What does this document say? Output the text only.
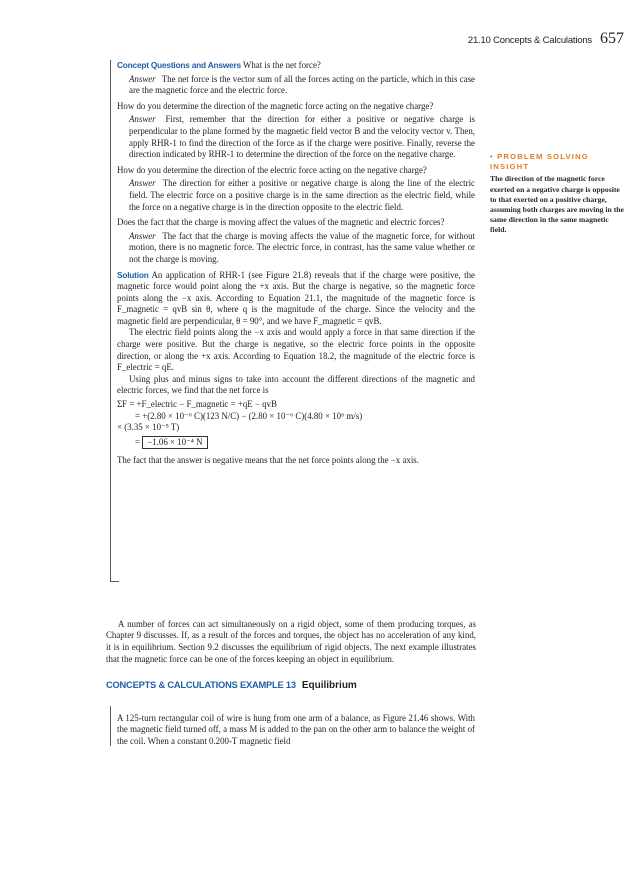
21.10 Concepts & Calculations 657

Concept Questions and Answers What is the net force?

Answer The net force is the vector sum of all the forces acting on the particle, which in this case are the magnetic force and the electric force.

How do you determine the direction of the magnetic force acting on the negative charge?

Answer First, remember that the direction for either a positive or negative charge is perpendicular to the plane formed by the magnetic field vector B and the velocity vector v. Then, apply RHR-1 to find the direction of the force as if the charge were positive. Finally, reverse the direction indicated by RHR-1 to determine the direction of the force on the negative charge.

How do you determine the direction of the electric force acting on the negative charge?

Answer The direction for either a positive or negative charge is along the line of the electric field. The electric force on a positive charge is in the same direction as the electric field, while the force on a negative charge is in the direction opposite to the electric field.

Does the fact that the charge is moving affect the values of the magnetic and electric forces?

Answer The fact that the charge is moving affects the value of the magnetic force, for without motion, there is no magnetic force. The electric force, in contrast, has the same value whether or not the charge is moving.

Solution An application of RHR-1 (see Figure 21.8) reveals that if the charge were positive, the magnetic force would point along the +x axis. But the charge is negative, so the magnetic force points along the −x axis. According to Equation 21.1, the magnitude of the magnetic force is F_magnetic = qvB sin θ, where q is the magnitude of the charge. Since the velocity and the magnetic field are perpendicular, θ = 90°, and we have F_magnetic = qvB.

The electric field points along the −x axis and would apply a force in that same direction if the charge were positive. But the charge is negative, so the electric force points in the opposite direction, or along the +x axis. According to Equation 18.2, the magnitude of the electric force is F_electric = qE.

Using plus and minus signs to take into account the different directions of the magnetic and electric forces, we find that the net force is

ΣF = +F_electric − F_magnetic = +qE − qvB

= +(2.80 × 10⁻⁶ C)(123 N/C) − (2.80 × 10⁻⁶ C)(4.80 × 10⁶ m/s)

× (3.35 × 10⁻⁵ T)

= −1.06 × 10⁻⁴ N

The fact that the answer is negative means that the net force points along the −x axis.

• PROBLEM SOLVING INSIGHT

The direction of the magnetic force exerted on a negative charge is opposite to that exerted on a positive charge, assuming both charges are moving in the same direction in the same magnetic field.

A number of forces can act simultaneously on a rigid object, some of them producing torques, as Chapter 9 discusses. If, as a result of the forces and torques, the object has no acceleration of any kind, it is in equilibrium. Section 9.2 discusses the equilibrium of rigid objects. The next example illustrates that the magnetic force can be one of the forces keeping an object in equilibrium.

CONCEPTS & CALCULATIONS EXAMPLE 13 Equilibrium

A 125-turn rectangular coil of wire is hung from one arm of a balance, as Figure 21.46 shows. With the magnetic field turned off, a mass M is added to the pan on the other arm to balance the weight of the coil. When a constant 0.200-T magnetic field
